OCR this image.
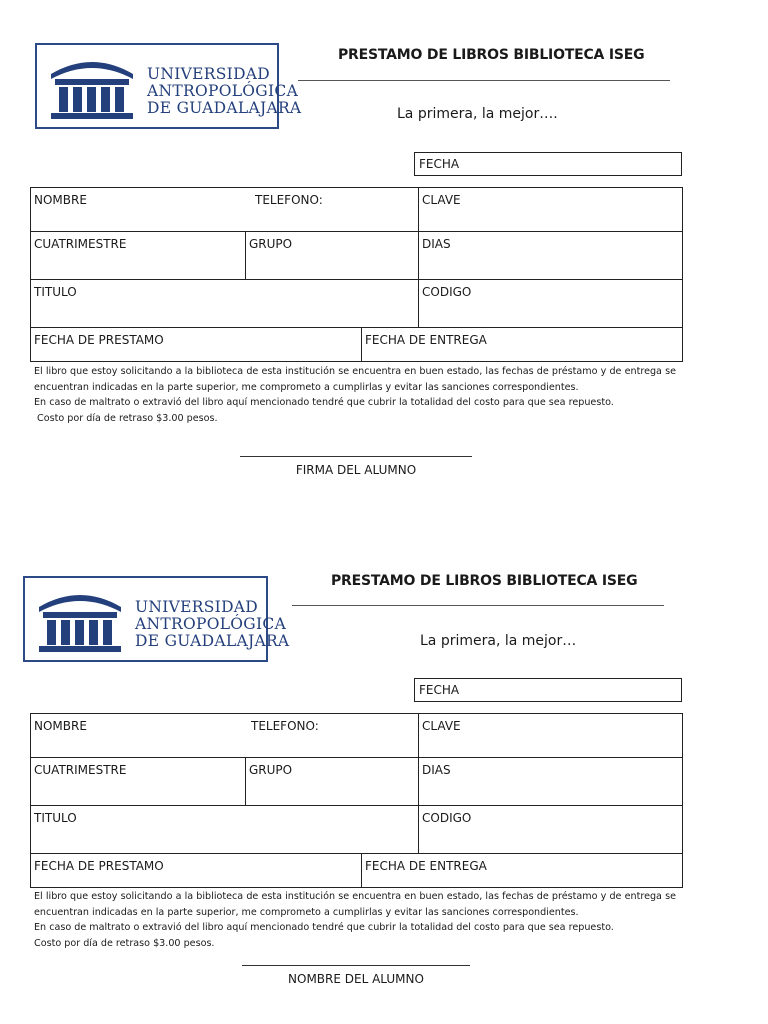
UNIVERSIDAD
ANTROPOLÓGICA
DE GUADALAJARA
PRESTAMO DE LIBROS BIBLIOTECA ISEG
La primera, la mejor….
FECHA
NOMBRE TELEFONO:			CLAVE
CUATRIMESTRE	GRUPO		DIAS
TITULO			CODIGO
FECHA DE PRESTAMO		FECHA DE ENTREGA	

El libro que estoy solicitando a la biblioteca de esta institución se encuentra en buen estado, las fechas de préstamo y de entrega se encuentran indicadas en la parte superior, me comprometo a cumplirlas y evitar las sanciones correspondientes.

En caso de maltrato o extravió del libro aquí mencionado tendré que cubrir la totalidad del costo para que sea repuesto.

Costo por día de retraso $3.00 pesos.

FIRMA DEL ALUMNO
UNIVERSIDAD
ANTROPOLÓGICA
DE GUADALAJARA
PRESTAMO DE LIBROS BIBLIOTECA ISEG
La primera, la mejor…
FECHA
NOMBRE TELEFONO:			CLAVE
CUATRIMESTRE	GRUPO		DIAS
TITULO			CODIGO
FECHA DE PRESTAMO		FECHA DE ENTREGA	

El libro que estoy solicitando a la biblioteca de esta institución se encuentra en buen estado, las fechas de préstamo y de entrega se encuentran indicadas en la parte superior, me comprometo a cumplirlas y evitar las sanciones correspondientes.

En caso de maltrato o extravió del libro aquí mencionado tendré que cubrir la totalidad del costo para que sea repuesto.

Costo por día de retraso $3.00 pesos.

NOMBRE DEL ALUMNO
